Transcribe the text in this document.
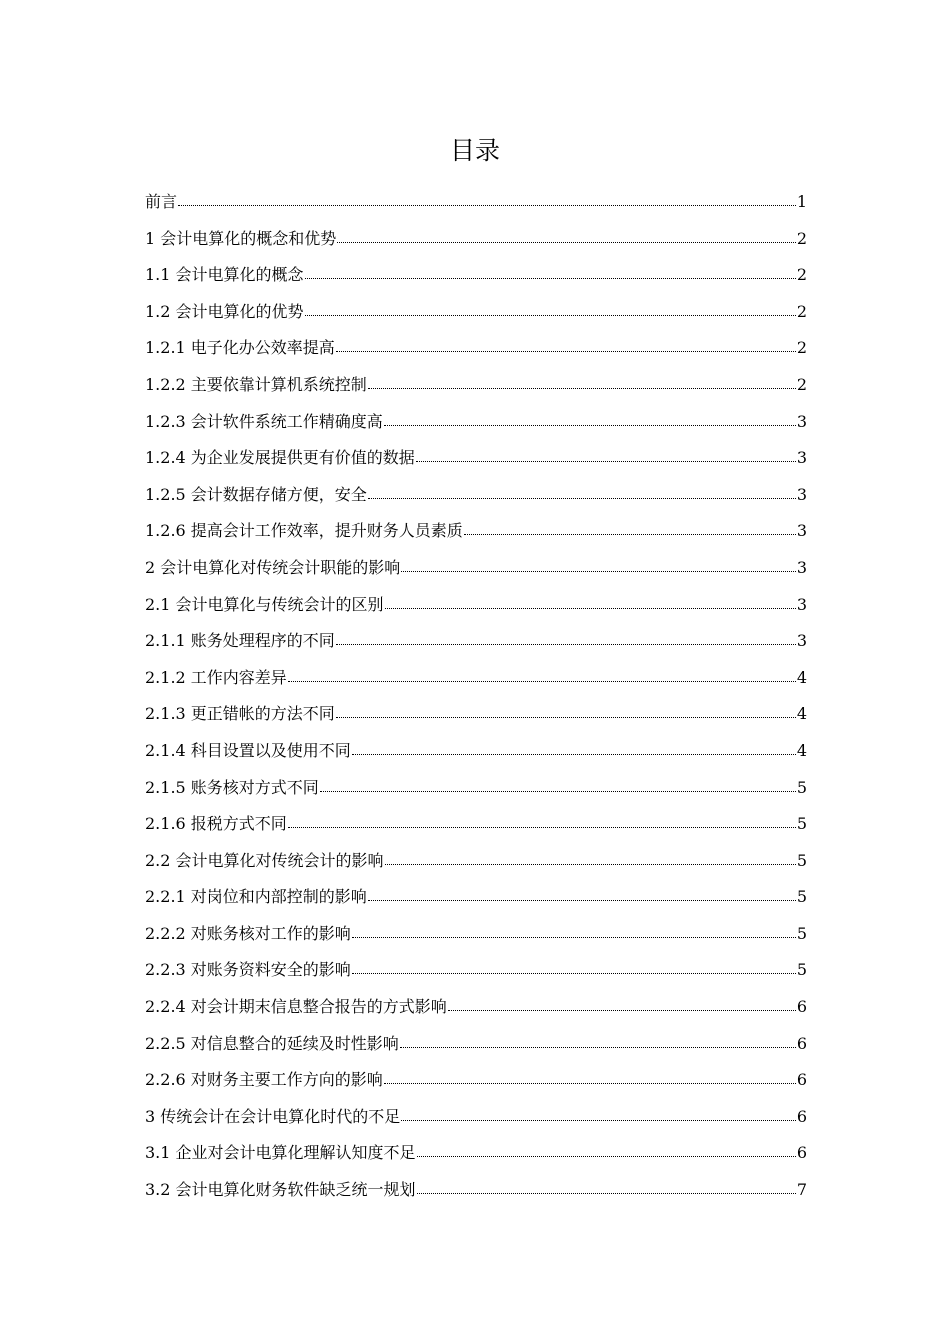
目录
前言	1
1 会计电算化的概念和优势	2
1.1 会计电算化的概念	2
1.2 会计电算化的优势	2
1.2.1 电子化办公效率提高	2
1.2.2 主要依靠计算机系统控制	2
1.2.3 会计软件系统工作精确度高	3
1.2.4 为企业发展提供更有价值的数据	3
1.2.5 会计数据存储方便，安全	3
1.2.6 提高会计工作效率，提升财务人员素质	3
2 会计电算化对传统会计职能的影响	3
2.1 会计电算化与传统会计的区别	3
2.1.1 账务处理程序的不同	3
2.1.2 工作内容差异	4
2.1.3 更正错帐的方法不同	4
2.1.4 科目设置以及使用不同	4
2.1.5 账务核对方式不同	5
2.1.6 报税方式不同	5
2.2 会计电算化对传统会计的影响	5
2.2.1 对岗位和内部控制的影响	5
2.2.2 对账务核对工作的影响	5
2.2.3 对账务资料安全的影响	5
2.2.4 对会计期末信息整合报告的方式影响	6
2.2.5 对信息整合的延续及时性影响	6
2.2.6 对财务主要工作方向的影响	6
3 传统会计在会计电算化时代的不足	6
3.1 企业对会计电算化理解认知度不足	6
3.2 会计电算化财务软件缺乏统一规划	7
